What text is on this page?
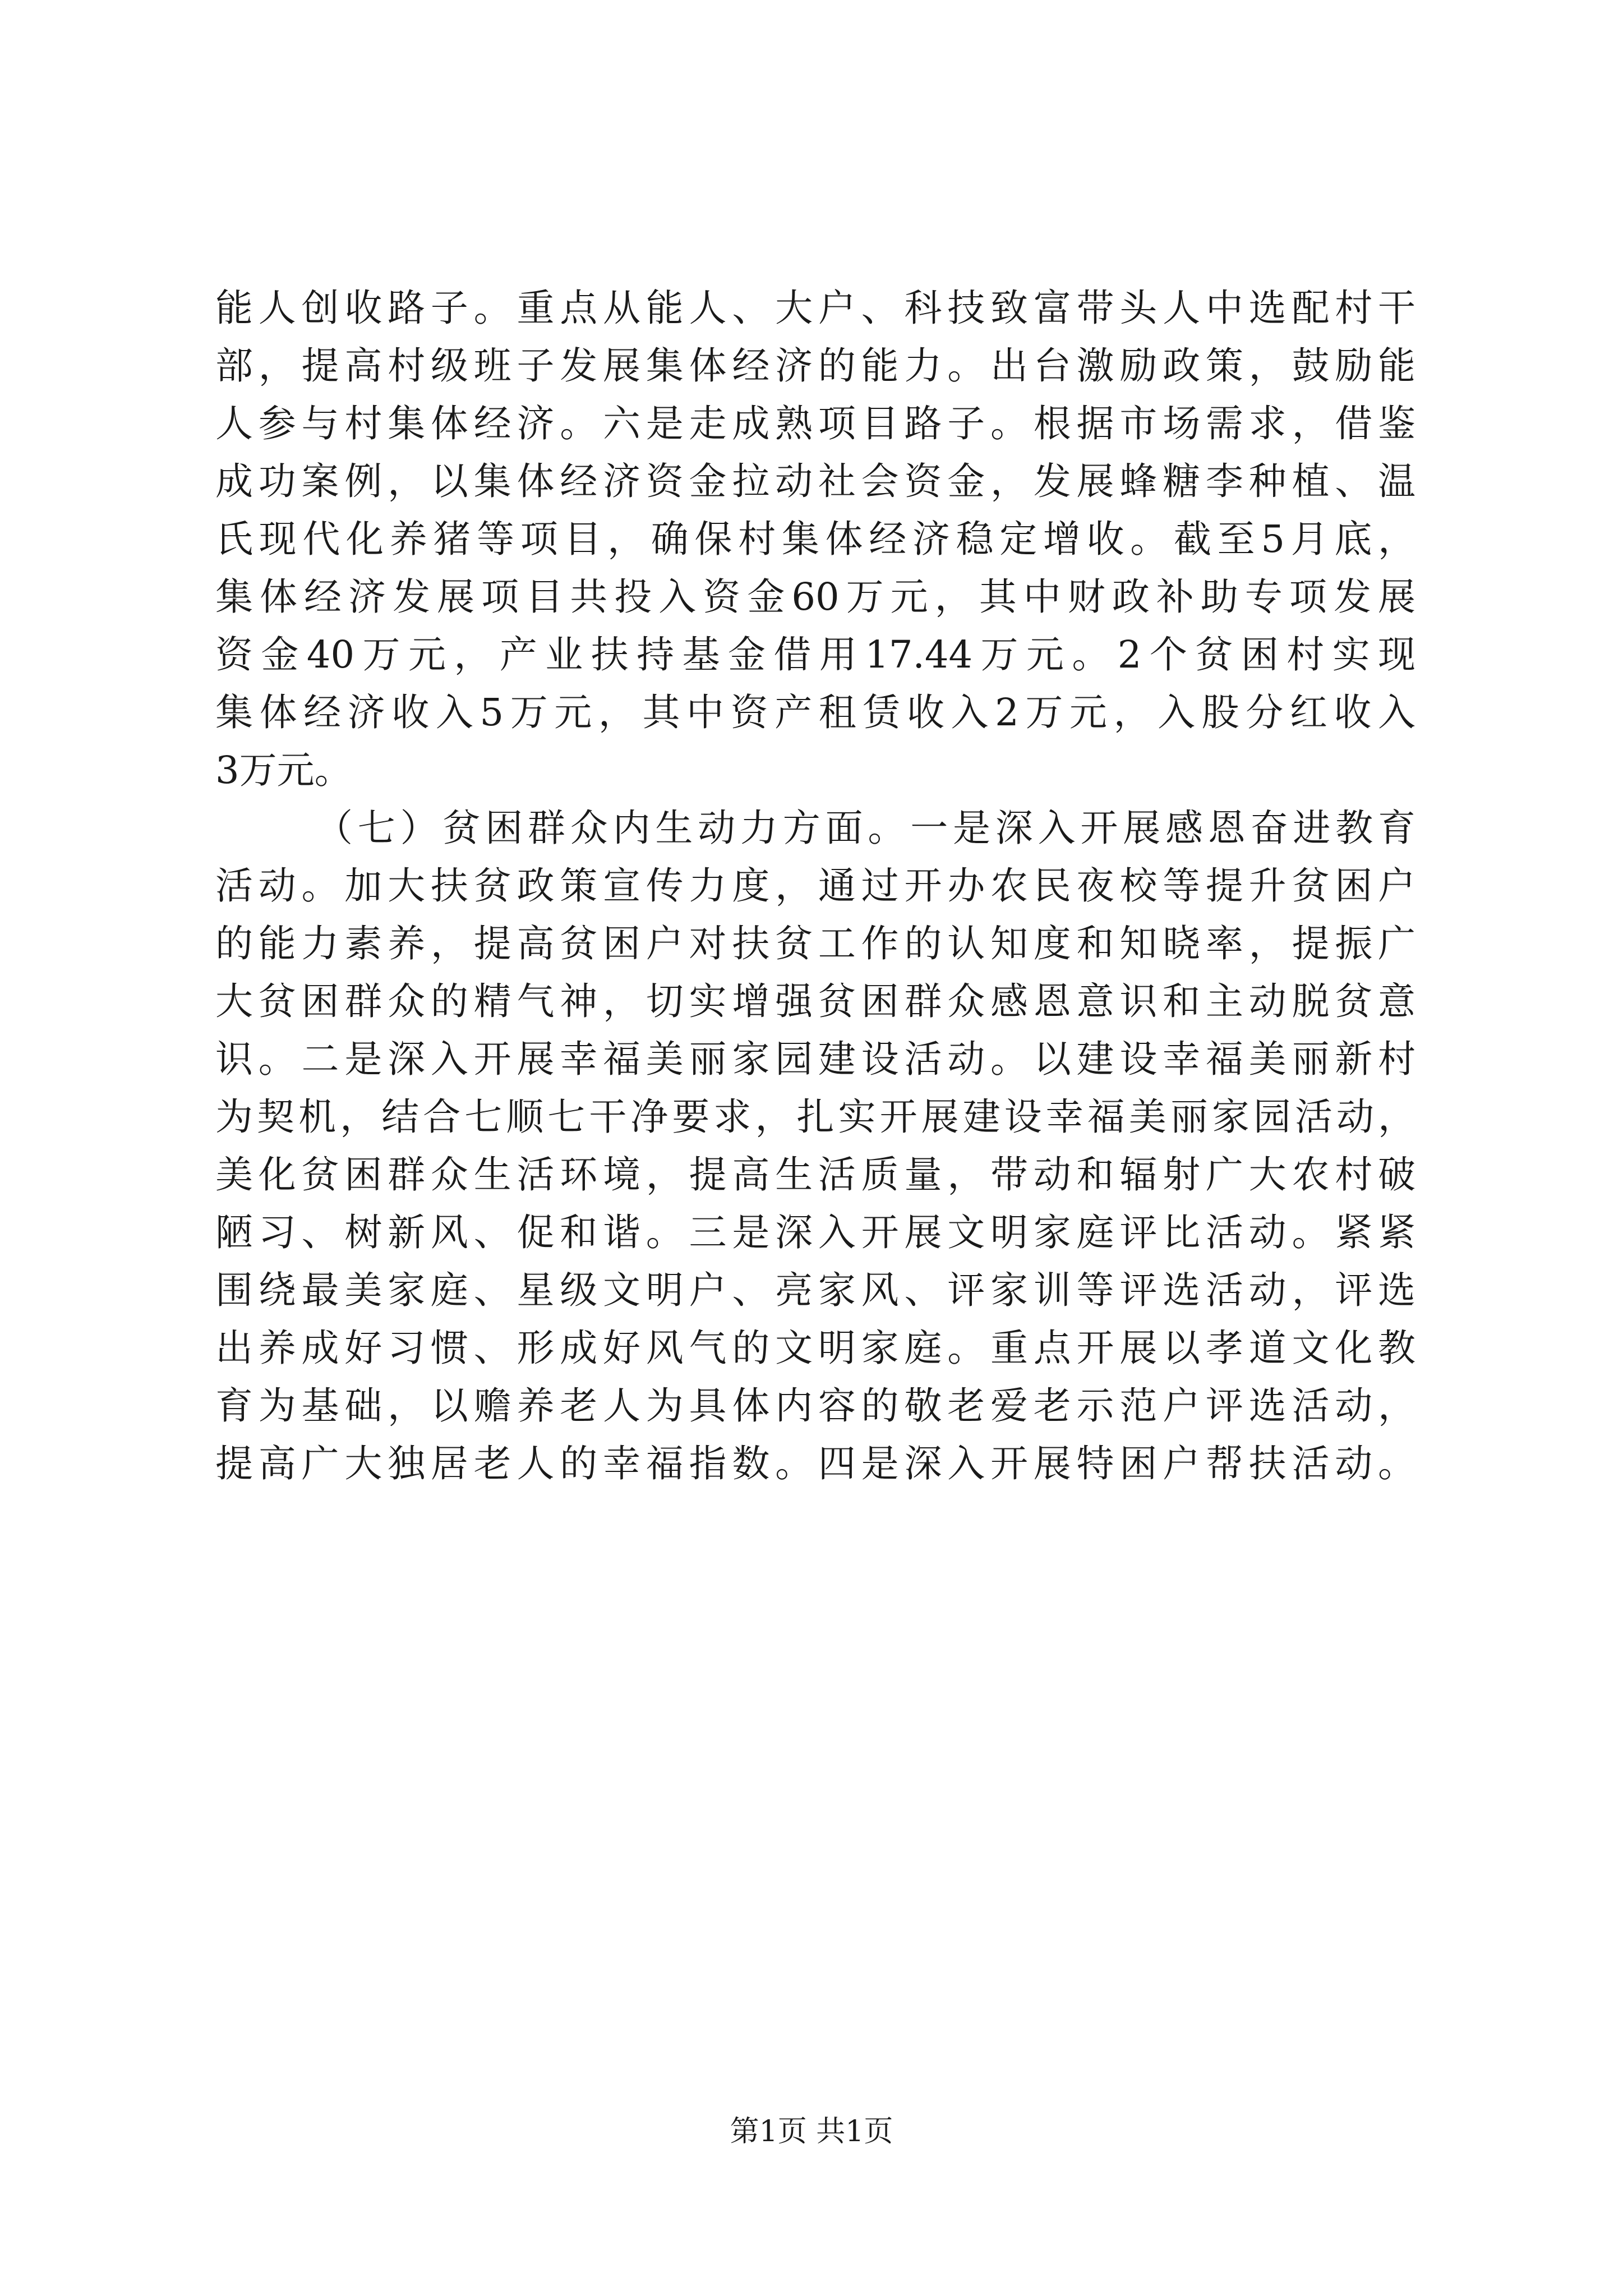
能人创收路子。重点从能人、大户、科技致富带头人中选配村干
部，提高村级班子发展集体经济的能力。出台激励政策，鼓励能
人参与村集体经济。六是走成熟项目路子。根据市场需求，借鉴
成功案例，以集体经济资金拉动社会资金，发展蜂糖李种植、温
氏现代化养猪等项目，确保村集体经济稳定增收。截至5月底，
集体经济发展项目共投入资金60万元，其中财政补助专项发展
资金40万元，产业扶持基金借用17.44万元。2个贫困村实现
集体经济收入5万元，其中资产租赁收入2万元，入股分红收入
3万元。
（七）贫困群众内生动力方面。一是深入开展感恩奋进教育
活动。加大扶贫政策宣传力度，通过开办农民夜校等提升贫困户
的能力素养，提高贫困户对扶贫工作的认知度和知晓率，提振广
大贫困群众的精气神，切实增强贫困群众感恩意识和主动脱贫意
识。二是深入开展幸福美丽家园建设活动。以建设幸福美丽新村
为契机，结合七顺七干净要求，扎实开展建设幸福美丽家园活动，
美化贫困群众生活环境，提高生活质量，带动和辐射广大农村破
陋习、树新风、促和谐。三是深入开展文明家庭评比活动。紧紧
围绕最美家庭、星级文明户、亮家风、评家训等评选活动，评选
出养成好习惯、形成好风气的文明家庭。重点开展以孝道文化教
育为基础，以赡养老人为具体内容的敬老爱老示范户评选活动，
提高广大独居老人的幸福指数。四是深入开展特困户帮扶活动。
第1页 共1页
